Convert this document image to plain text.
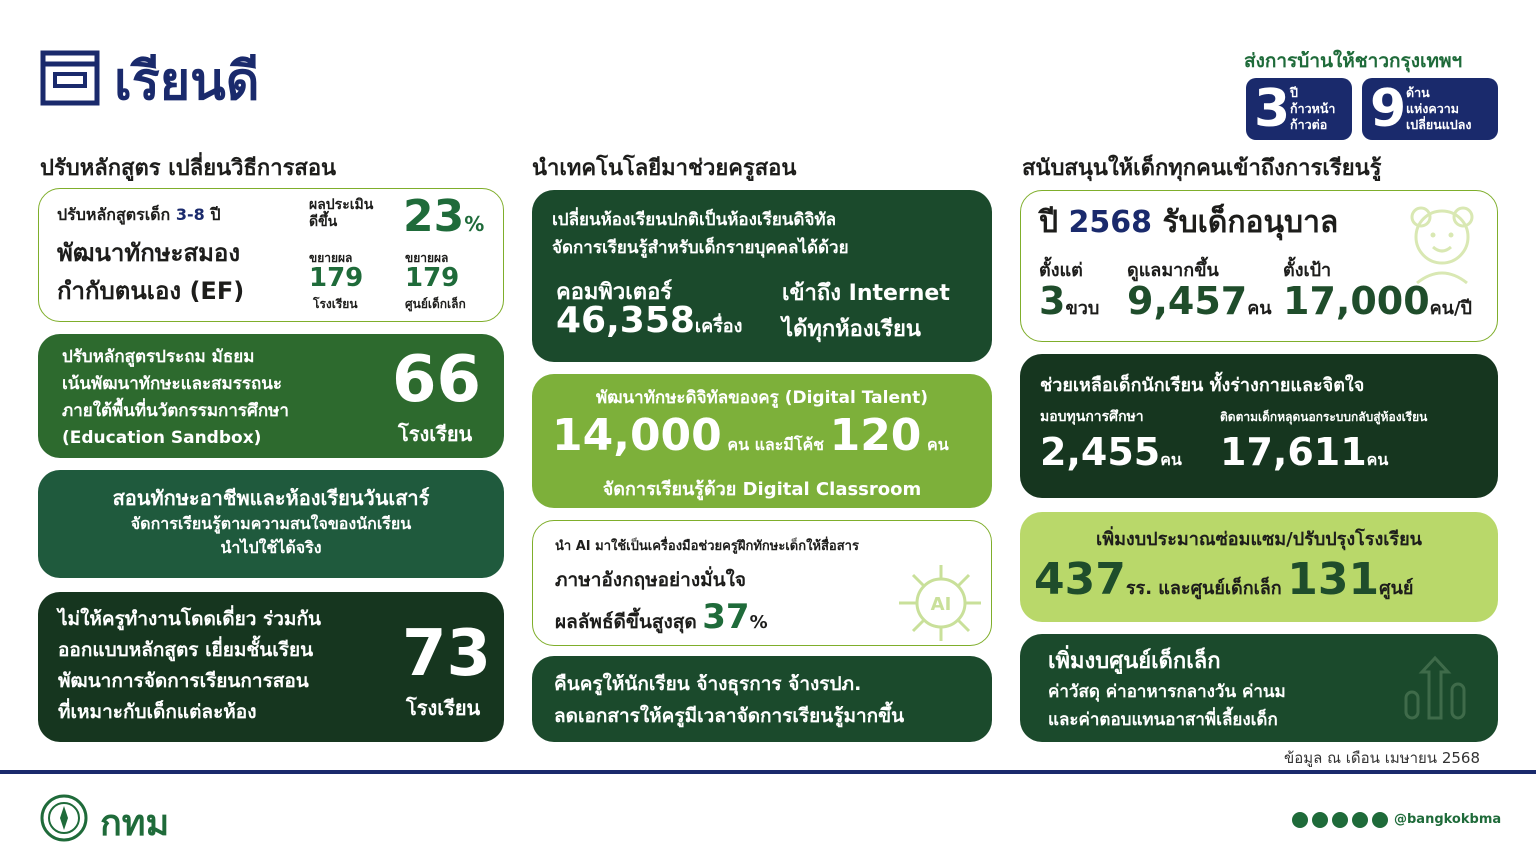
เรียนดี	ส่งการบ้านให้ชาวกรุงเทพฯ
3 ปี
ก้าวหน้า
ก้าวต่อ 9 ด้าน
แห่งความ
เปลี่ยนแปลง
ปรับหลักสูตร เปลี่ยนวิธีการสอน	นำเทคโนโลยีมาช่วยครูสอน	สนับสนุนให้เด็กทุกคนเข้าถึงการเรียนรู้
ปรับหลักสูตรเด็ก 3-8 ปี
พัฒนาทักษะสมอง
กำกับตนเอง (EF)
ผลประเมิน
ดีขึ้น	23%
ขยายผล
179
โรงเรียน
ขยายผล
179
ศูนย์เด็กเล็ก
ปรับหลักสูตรประถม มัธยม
เน้นพัฒนาทักษะและสมรรถนะ
ภายใต้พื้นที่นวัตกรรมการศึกษา
(Education Sandbox)
66
โรงเรียน
สอนทักษะอาชีพและห้องเรียนวันเสาร์
จัดการเรียนรู้ตามความสนใจของนักเรียน
นำไปใช้ได้จริง
ไม่ให้ครูทำงานโดดเดี่ยว ร่วมกัน
ออกแบบหลักสูตร เยี่ยมชั้นเรียน
พัฒนาการจัดการเรียนการสอน
ที่เหมาะกับเด็กแต่ละห้อง
73
โรงเรียน
เปลี่ยนห้องเรียนปกติเป็นห้องเรียนดิจิทัล
จัดการเรียนรู้สำหรับเด็กรายบุคคลได้ด้วย
คอมพิวเตอร์
46,358เครื่อง
เข้าถึง Internet
ได้ทุกห้องเรียน
พัฒนาทักษะดิจิทัลของครู (Digital Talent)
14,000 คน และมีโค้ช 120 คน
จัดการเรียนรู้ด้วย Digital Classroom
นำ AI มาใช้เป็นเครื่องมือช่วยครูฝึกทักษะเด็กให้สื่อสาร
ภาษาอังกฤษอย่างมั่นใจ
ผลลัพธ์ดีขึ้นสูงสุด 37%
AI
คืนครูให้นักเรียน จ้างธุรการ จ้างรปภ.
ลดเอกสารให้ครูมีเวลาจัดการเรียนรู้มากขึ้น
ปี 2568 รับเด็กอนุบาล
ตั้งแต่
3ขวบ
ดูแลมากขึ้น
9,457คน
ตั้งเป้า
17,000คน/ปี
ช่วยเหลือเด็กนักเรียน ทั้งร่างกายและจิตใจ
มอบทุนการศึกษา
2,455คน
ติดตามเด็กหลุดนอกระบบกลับสู่ห้องเรียน
17,611คน
เพิ่มงบประมาณซ่อมแซม/ปรับปรุงโรงเรียน
437รร. และศูนย์เด็กเล็ก 131ศูนย์
เพิ่มงบศูนย์เด็กเล็ก
ค่าวัสดุ ค่าอาหารกลางวัน ค่านม
และค่าตอบแทนอาสาพี่เลี้ยงเด็ก
ข้อมูล ณ เดือน เมษายน 2568
กทม	@bangkokbma
